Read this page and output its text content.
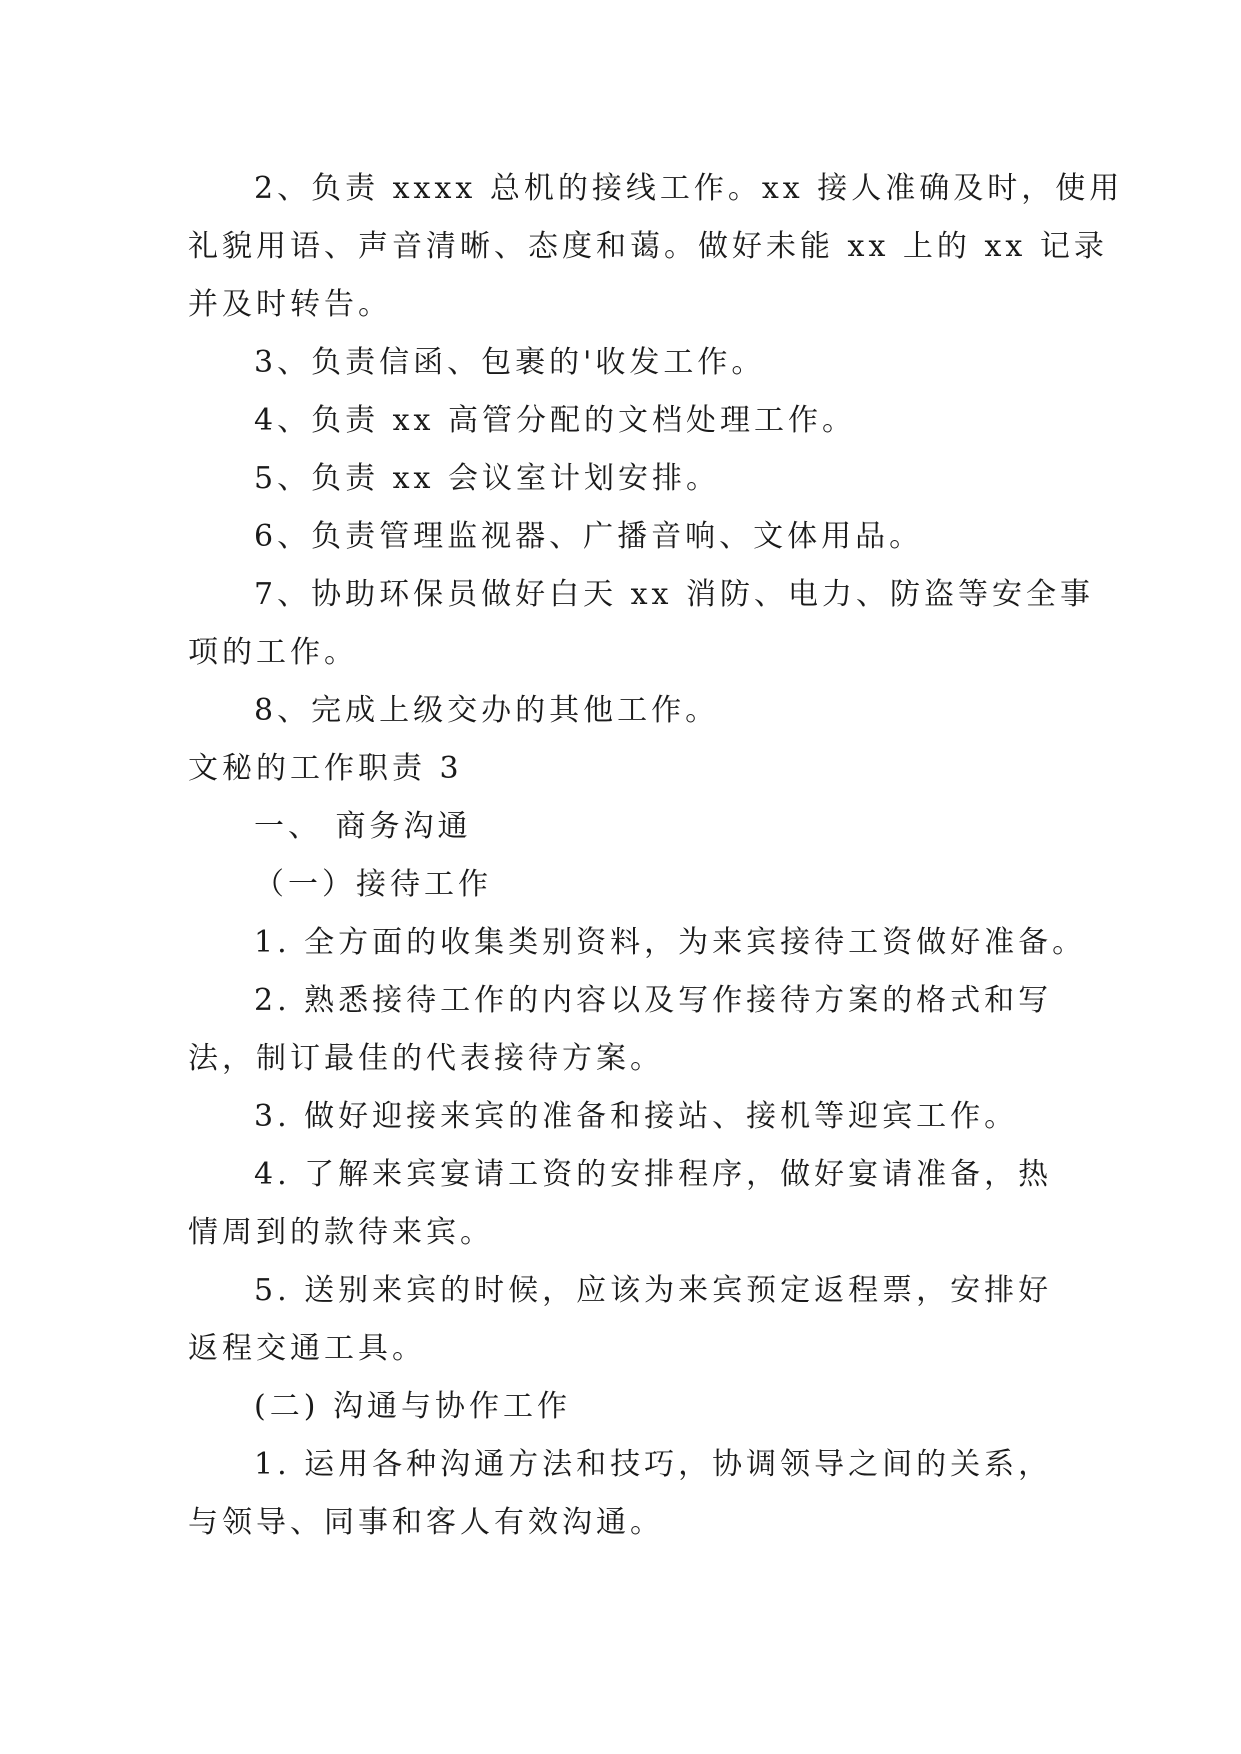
2、负责 xxxx 总机的接线工作。xx 接人准确及时，使用
礼貌用语、声音清晰、态度和蔼。做好未能 xx 上的 xx 记录
并及时转告。
3、负责信函、包裹的'收发工作。
4、负责 xx 高管分配的文档处理工作。
5、负责 xx 会议室计划安排。
6、负责管理监视器、广播音响、文体用品。
7、协助环保员做好白天 xx 消防、电力、防盗等安全事
项的工作。
8、完成上级交办的其他工作。
文秘的工作职责 3
一、 商务沟通
（一）接待工作
1. 全方面的收集类别资料，为来宾接待工资做好准备。
2. 熟悉接待工作的内容以及写作接待方案的格式和写
法，制订最佳的代表接待方案。
3. 做好迎接来宾的准备和接站、接机等迎宾工作。
4. 了解来宾宴请工资的安排程序，做好宴请准备，热
情周到的款待来宾。
5. 送别来宾的时候，应该为来宾预定返程票，安排好
返程交通工具。
(二) 沟通与协作工作
1. 运用各种沟通方法和技巧，协调领导之间的关系，
与领导、同事和客人有效沟通。
